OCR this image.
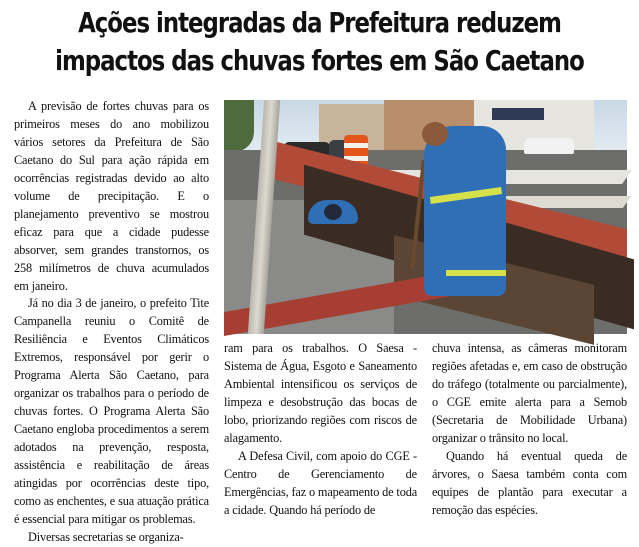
Ações integradas da Prefeitura reduzem
impactos das chuvas fortes em São Caetano

A previsão de fortes chuvas para os primeiros meses do ano mobilizou vários setores da Prefeitura de São Caetano do Sul para ação rápida em ocorrências registradas devido ao alto volume de precipitação. E o planejamento preventivo se mostrou eficaz para que a cidade pudesse absorver, sem grandes transtornos, os 258 milímetros de chuva acumulados em janeiro.

Já no dia 3 de janeiro, o prefeito Tite Campanella reuniu o Comitê de Resiliência e Eventos Climáticos Extremos, responsável por gerir o Programa Alerta São Caetano, para organizar os trabalhos para o período de chuvas fortes. O Programa Alerta São Caetano engloba procedimentos a serem adotados na prevenção, resposta, assistência e reabilitação de áreas atingidas por ocorrências deste tipo, como as enchentes, e sua atuação prática é essencial para mitigar os problemas.

Diversas secretarias se organiza-

ram para os trabalhos. O Saesa - Sistema de Água, Esgoto e Saneamento Ambiental intensificou os serviços de limpeza e desobstrução das bocas de lobo, priorizando regiões com riscos de alagamento.

A Defesa Civil, com apoio do CGE - Centro de Gerenciamento de Emergências, faz o mapeamento de toda a cidade. Quando há período de

chuva intensa, as câmeras monitoram regiões afetadas e, em caso de obstrução do tráfego (totalmente ou parcialmente), o CGE emite alerta para a Semob (Secretaria de Mobilidade Urbana) organizar o trânsito no local.

Quando há eventual queda de árvores, o Saesa também conta com equipes de plantão para executar a remoção das espécies.
